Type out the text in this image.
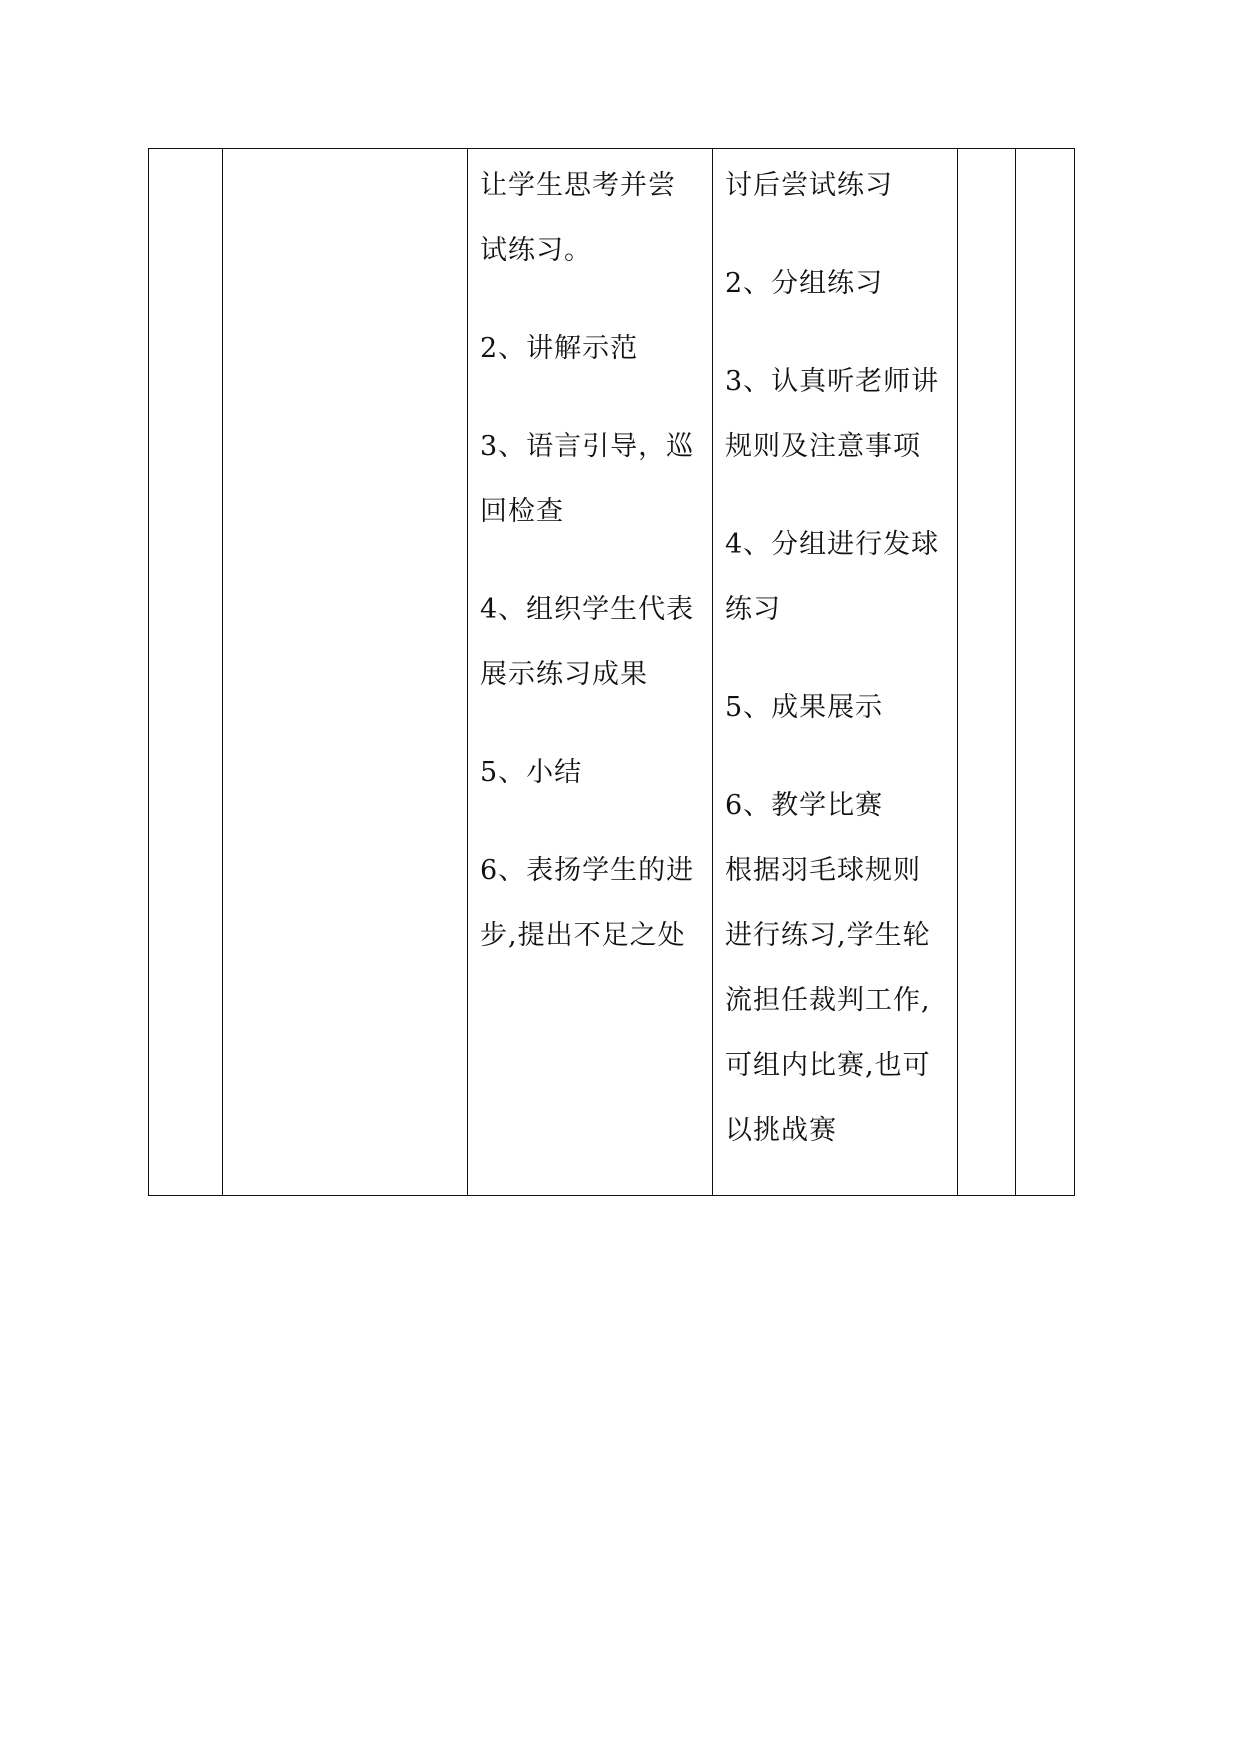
让学生思考并尝
试练习。
2、讲解示范
3、语言引导，巡
回检查
4、组织学生代表
展示练习成果
5、小结
6、表扬学生的进
步,提出不足之处

讨后尝试练习
2、分组练习
3、认真听老师讲
规则及注意事项
4、分组进行发球
练习
5、成果展示
6、教学比赛
根据羽毛球规则
进行练习,学生轮
流担任裁判工作,
可组内比赛,也可
以挑战赛
